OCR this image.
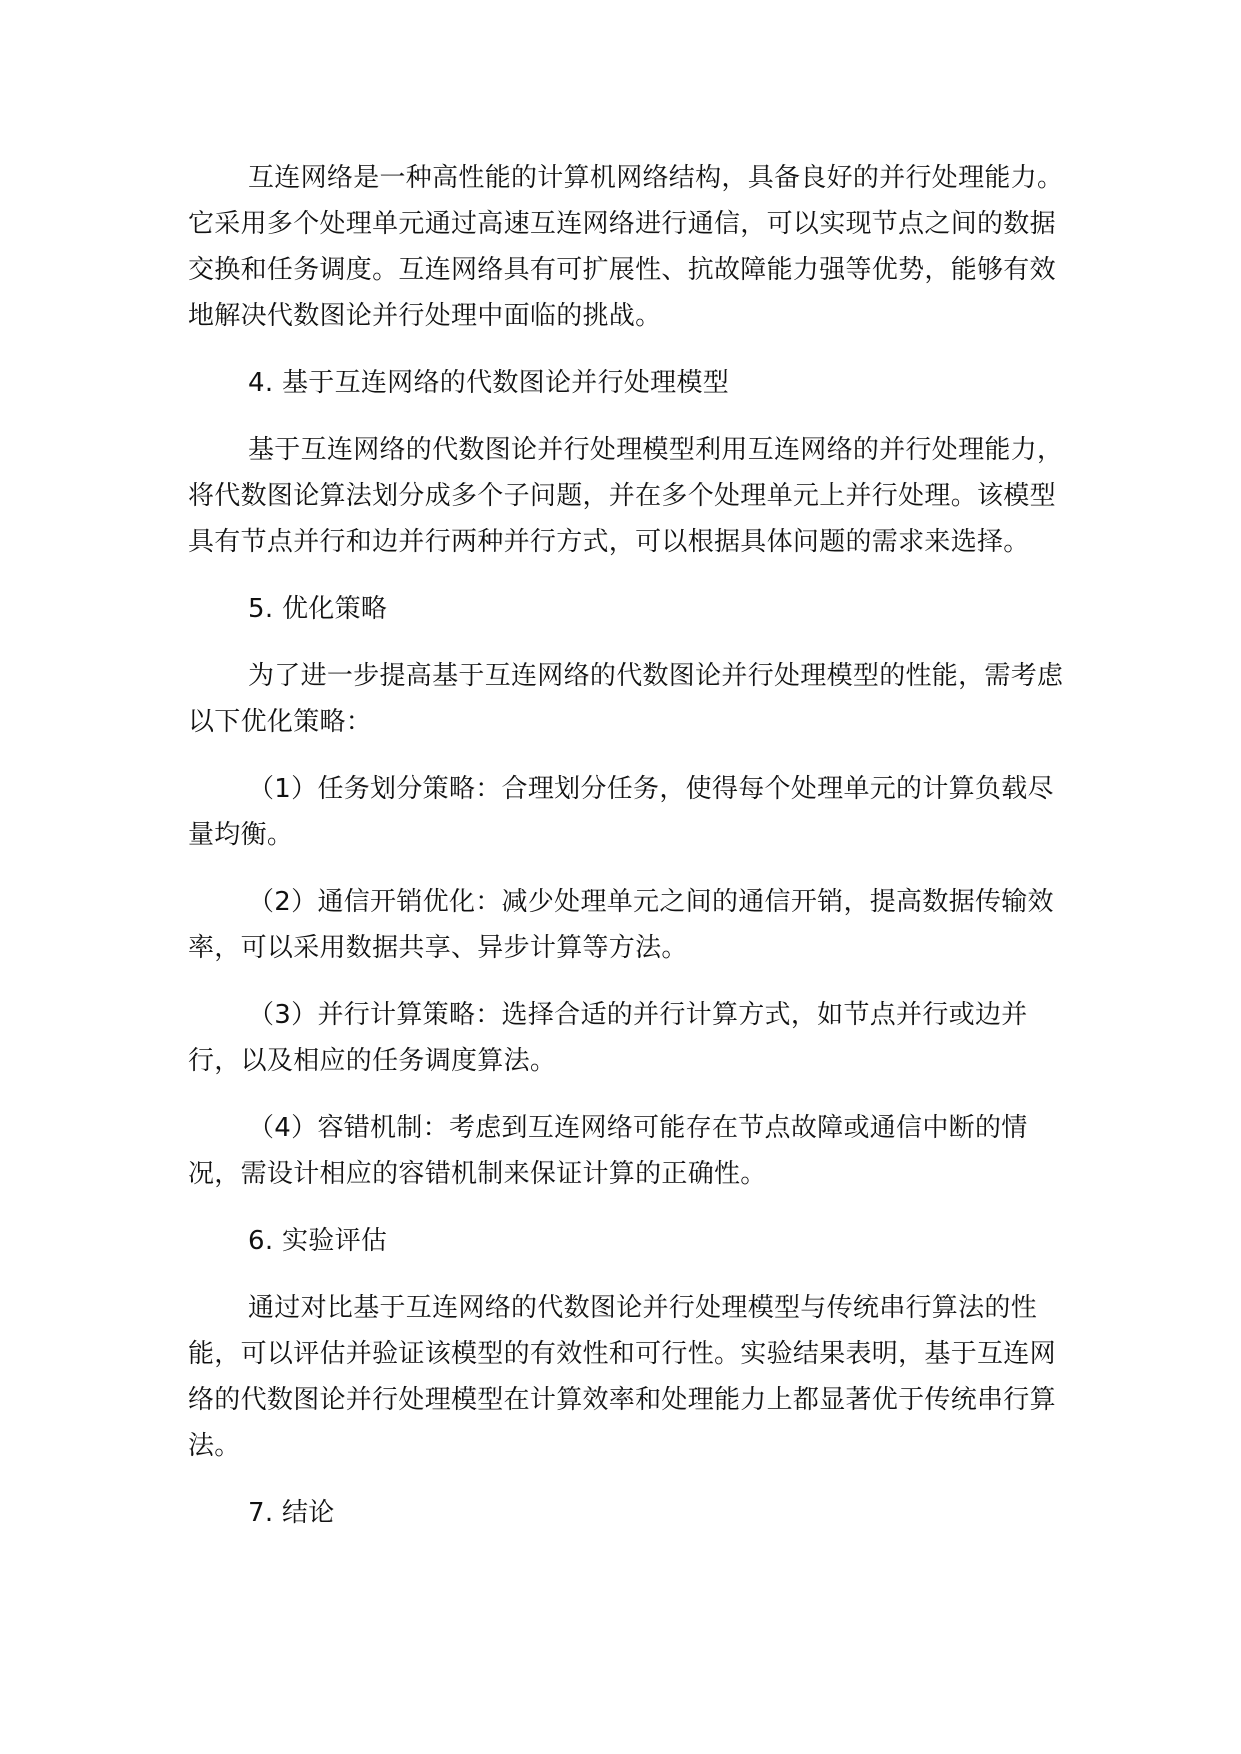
互连网络是一种高性能的计算机网络结构，具备良好的并行处理能力。它采用多个处理单元通过高速互连网络进行通信，可以实现节点之间的数据交换和任务调度。互连网络具有可扩展性、抗故障能力强等优势，能够有效地解决代数图论并行处理中面临的挑战。

4. 基于互连网络的代数图论并行处理模型

基于互连网络的代数图论并行处理模型利用互连网络的并行处理能力，将代数图论算法划分成多个子问题，并在多个处理单元上并行处理。该模型具有节点并行和边并行两种并行方式，可以根据具体问题的需求来选择。

5. 优化策略

为了进一步提高基于互连网络的代数图论并行处理模型的性能，需考虑以下优化策略：

（1）任务划分策略：合理划分任务，使得每个处理单元的计算负载尽量均衡。

（2）通信开销优化：减少处理单元之间的通信开销，提高数据传输效率，可以采用数据共享、异步计算等方法。

（3）并行计算策略：选择合适的并行计算方式，如节点并行或边并行，以及相应的任务调度算法。

（4）容错机制：考虑到互连网络可能存在节点故障或通信中断的情况，需设计相应的容错机制来保证计算的正确性。

6. 实验评估

通过对比基于互连网络的代数图论并行处理模型与传统串行算法的性能，可以评估并验证该模型的有效性和可行性。实验结果表明，基于互连网络的代数图论并行处理模型在计算效率和处理能力上都显著优于传统串行算法。

7. 结论
